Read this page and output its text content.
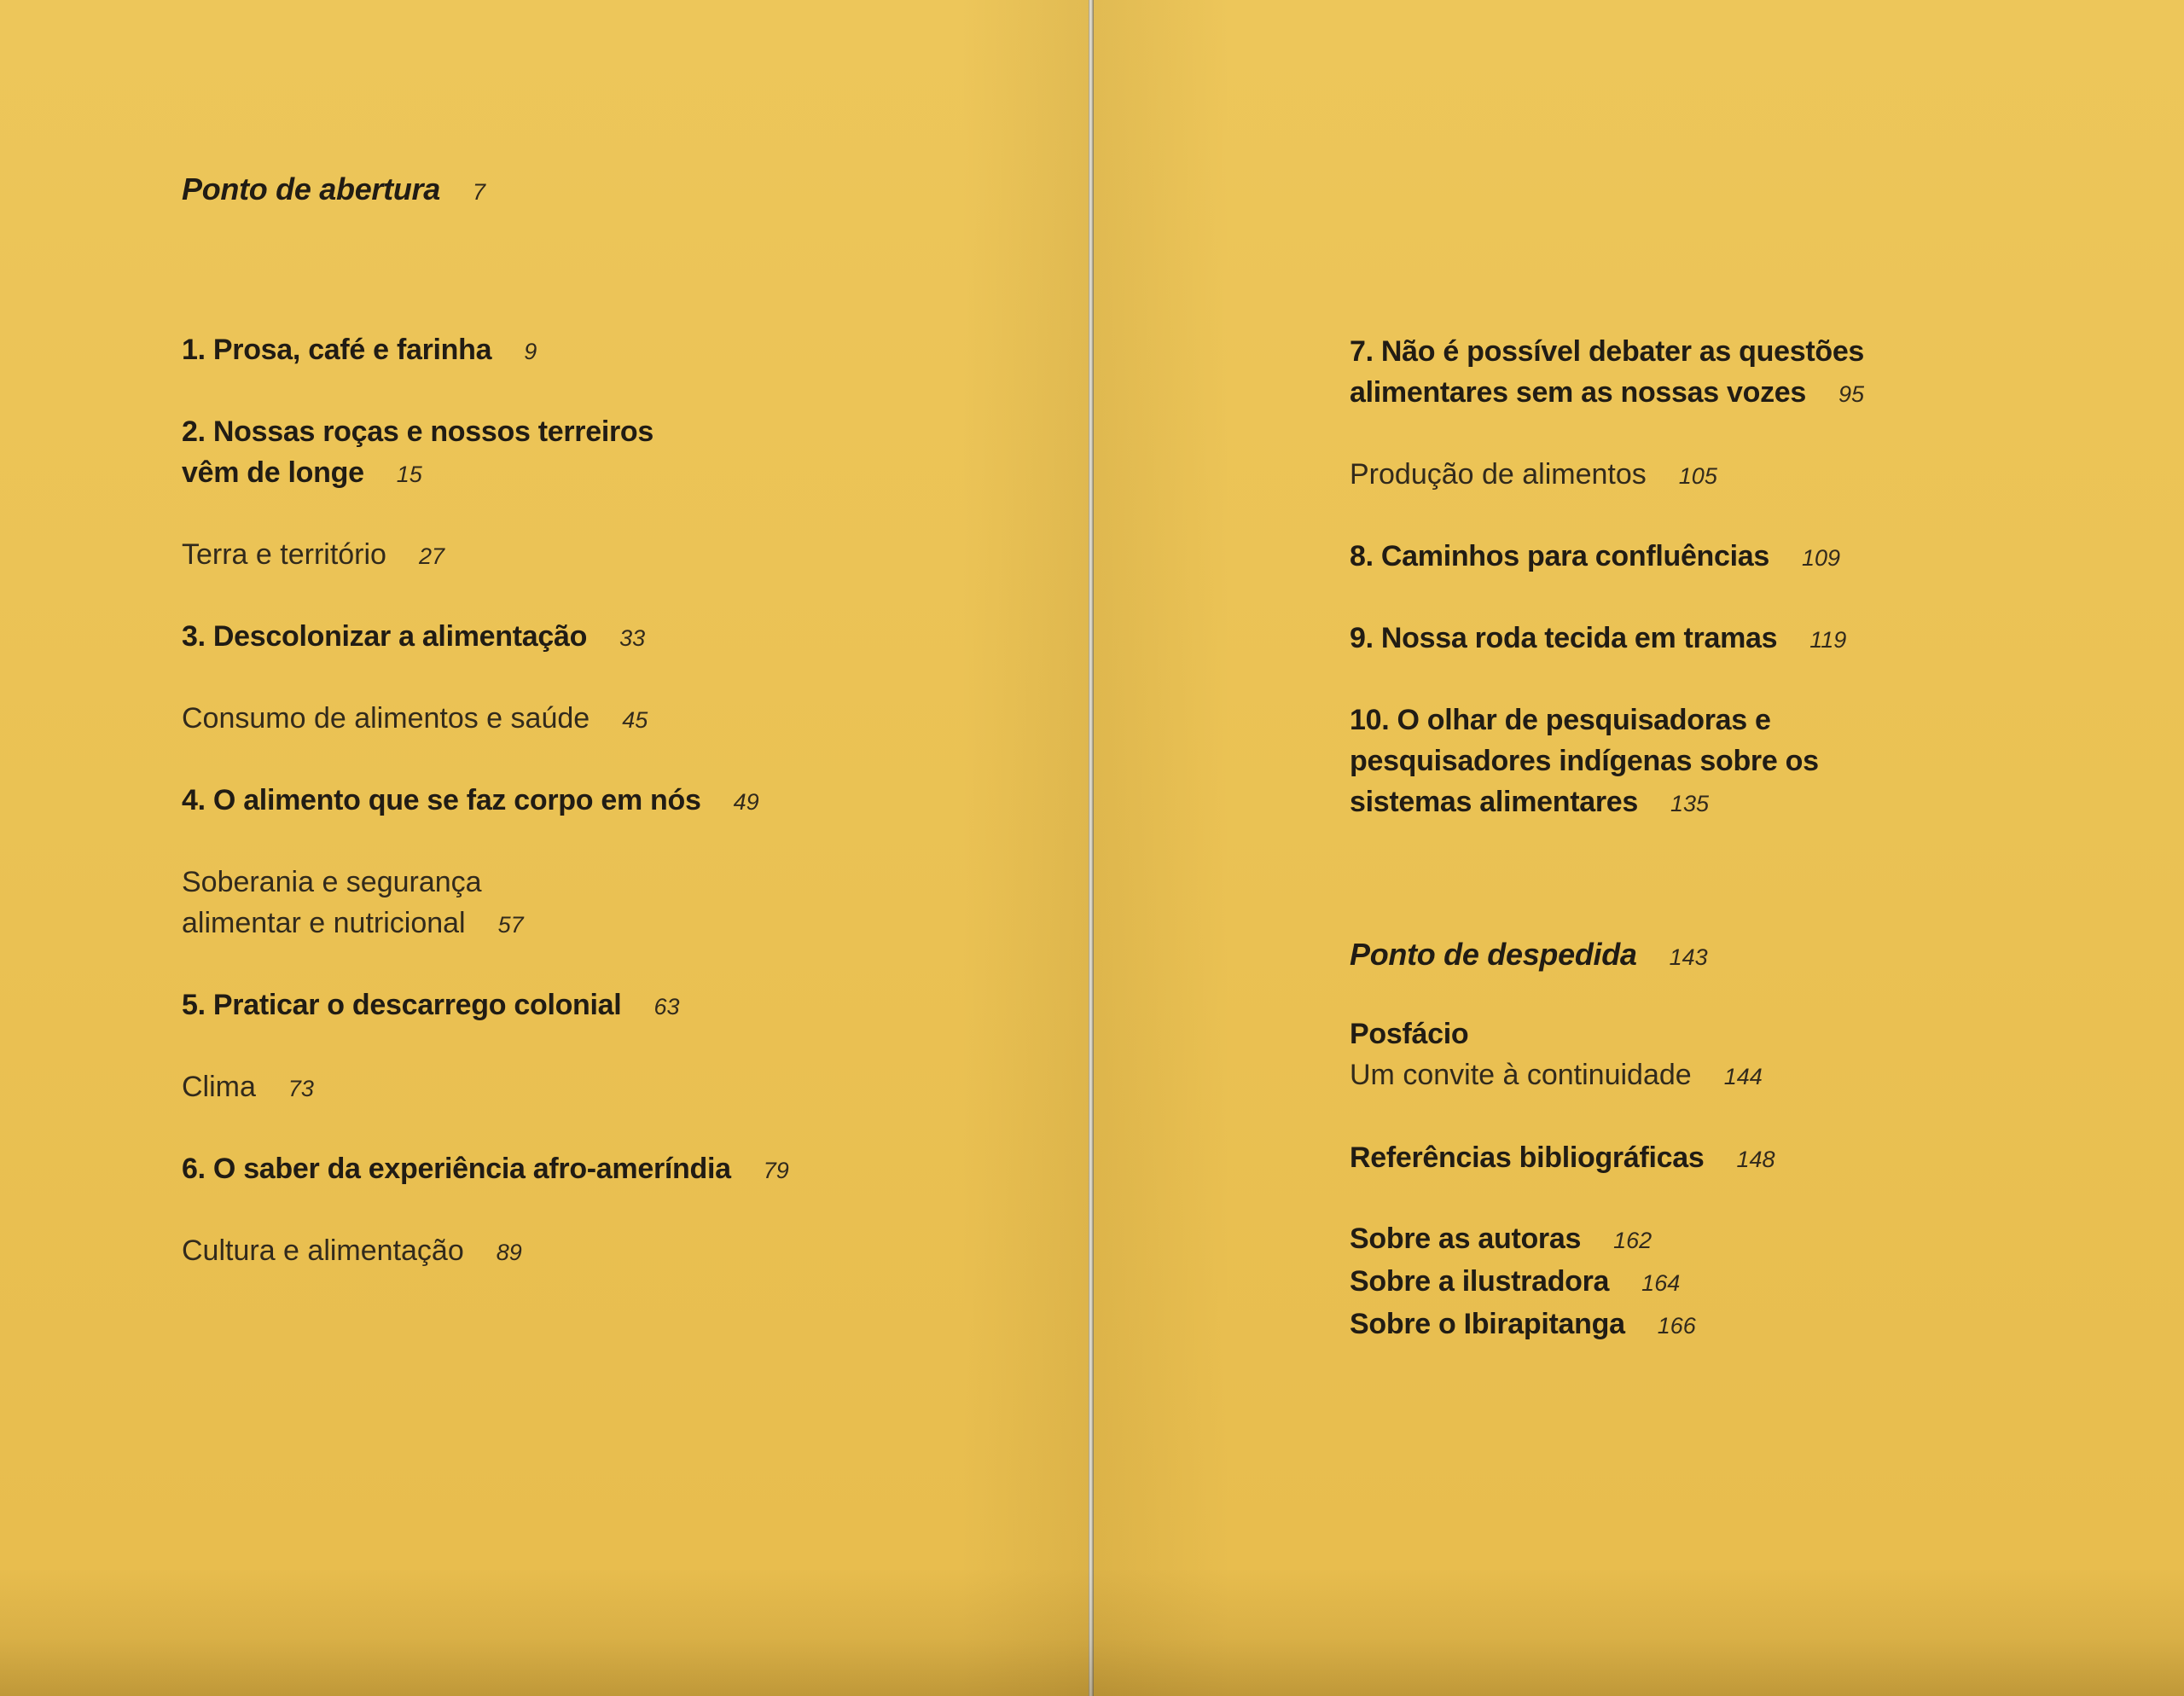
Ponto de abertura 7
1. Prosa, café e farinha 9
2. Nossas roças e nossos terreiros
vêm de longe 15
Terra e território 27
3. Descolonizar a alimentação 33
Consumo de alimentos e saúde 45
4. O alimento que se faz corpo em nós 49
Soberania e segurança
alimentar e nutricional 57
5. Praticar o descarrego colonial 63
Clima 73
6. O saber da experiência afro-ameríndia 79
Cultura e alimentação 89
7. Não é possível debater as questões
alimentares sem as nossas vozes 95
Produção de alimentos 105
8. Caminhos para confluências 109
9. Nossa roda tecida em tramas 119
10. O olhar de pesquisadoras e
pesquisadores indígenas sobre os
sistemas alimentares 135
Ponto de despedida 143
Posfácio
Um convite à continuidade 144
Referências bibliográficas 148
Sobre as autoras 162
Sobre a ilustradora 164
Sobre o Ibirapitanga 166
